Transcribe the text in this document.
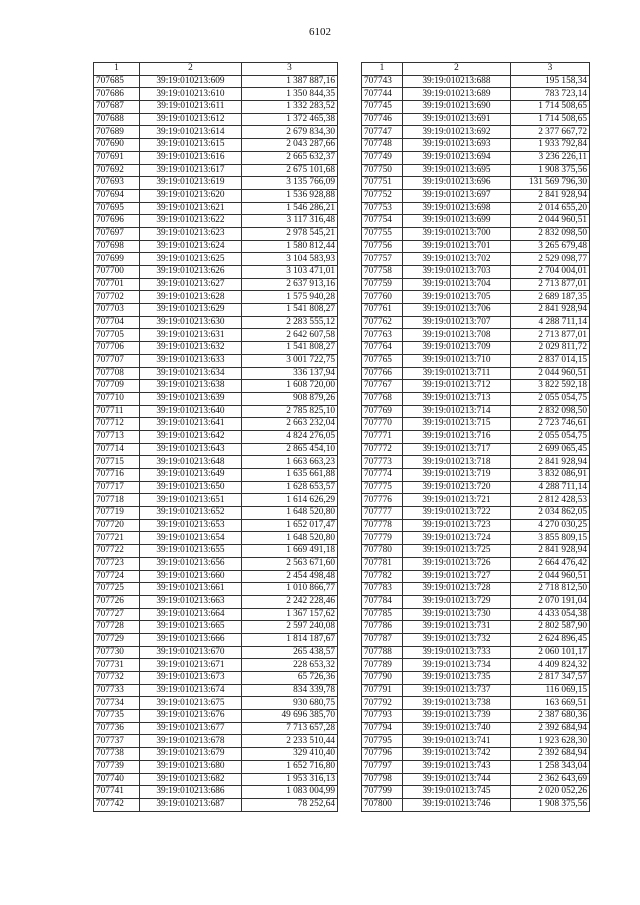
6102
1	2	3
707685	39:19:010213:609	1 387 887,16
707686	39:19:010213:610	1 350 844,35
707687	39:19:010213:611	1 332 283,52
707688	39:19:010213:612	1 372 465,38
707689	39:19:010213:614	2 679 834,30
707690	39:19:010213:615	2 043 287,66
707691	39:19:010213:616	2 665 632,37
707692	39:19:010213:617	2 675 101,68
707693	39:19:010213:619	3 135 766,09
707694	39:19:010213:620	1 536 928,88
707695	39:19:010213:621	1 546 286,21
707696	39:19:010213:622	3 117 316,48
707697	39:19:010213:623	2 978 545,21
707698	39:19:010213:624	1 580 812,44
707699	39:19:010213:625	3 104 583,93
707700	39:19:010213:626	3 103 471,01
707701	39:19:010213:627	2 637 913,16
707702	39:19:010213:628	1 575 940,28
707703	39:19:010213:629	1 541 808,27
707704	39:19:010213:630	2 283 555,12
707705	39:19:010213:631	2 642 607,58
707706	39:19:010213:632	1 541 808,27
707707	39:19:010213:633	3 001 722,75
707708	39:19:010213:634	336 137,94
707709	39:19:010213:638	1 608 720,00
707710	39:19:010213:639	908 879,26
707711	39:19:010213:640	2 785 825,10
707712	39:19:010213:641	2 663 232,04
707713	39:19:010213:642	4 824 276,05
707714	39:19:010213:643	2 865 454,10
707715	39:19:010213:648	1 663 663,23
707716	39:19:010213:649	1 635 661,88
707717	39:19:010213:650	1 628 653,57
707718	39:19:010213:651	1 614 626,29
707719	39:19:010213:652	1 648 520,80
707720	39:19:010213:653	1 652 017,47
707721	39:19:010213:654	1 648 520,80
707722	39:19:010213:655	1 669 491,18
707723	39:19:010213:656	2 563 671,60
707724	39:19:010213:660	2 454 498,48
707725	39:19:010213:661	1 010 866,77
707726	39:19:010213:663	2 242 228,46
707727	39:19:010213:664	1 367 157,62
707728	39:19:010213:665	2 597 240,08
707729	39:19:010213:666	1 814 187,67
707730	39:19:010213:670	265 438,57
707731	39:19:010213:671	228 653,32
707732	39:19:010213:673	65 726,36
707733	39:19:010213:674	834 339,78
707734	39:19:010213:675	930 680,75
707735	39:19:010213:676	49 696 385,70
707736	39:19:010213:677	7 713 657,28
707737	39:19:010213:678	2 233 510,44
707738	39:19:010213:679	329 410,40
707739	39:19:010213:680	1 652 716,80
707740	39:19:010213:682	1 953 316,13
707741	39:19:010213:686	1 083 004,99
707742	39:19:010213:687	78 252,64
1	2	3
707743	39:19:010213:688	195 158,34
707744	39:19:010213:689	783 723,14
707745	39:19:010213:690	1 714 508,65
707746	39:19:010213:691	1 714 508,65
707747	39:19:010213:692	2 377 667,72
707748	39:19:010213:693	1 933 792,84
707749	39:19:010213:694	3 236 226,11
707750	39:19:010213:695	1 908 375,56
707751	39:19:010213:696	131 569 796,30
707752	39:19:010213:697	2 841 928,94
707753	39:19:010213:698	2 014 655,20
707754	39:19:010213:699	2 044 960,51
707755	39:19:010213:700	2 832 098,50
707756	39:19:010213:701	3 265 679,48
707757	39:19:010213:702	2 529 098,77
707758	39:19:010213:703	2 704 004,01
707759	39:19:010213:704	2 713 877,01
707760	39:19:010213:705	2 689 187,35
707761	39:19:010213:706	2 841 928,94
707762	39:19:010213:707	4 288 711,14
707763	39:19:010213:708	2 713 877,01
707764	39:19:010213:709	2 029 811,72
707765	39:19:010213:710	2 837 014,15
707766	39:19:010213:711	2 044 960,51
707767	39:19:010213:712	3 822 592,18
707768	39:19:010213:713	2 055 054,75
707769	39:19:010213:714	2 832 098,50
707770	39:19:010213:715	2 723 746,61
707771	39:19:010213:716	2 055 054,75
707772	39:19:010213:717	2 699 065,45
707773	39:19:010213:718	2 841 928,94
707774	39:19:010213:719	3 832 086,91
707775	39:19:010213:720	4 288 711,14
707776	39:19:010213:721	2 812 428,53
707777	39:19:010213:722	2 034 862,05
707778	39:19:010213:723	4 270 030,25
707779	39:19:010213:724	3 855 809,15
707780	39:19:010213:725	2 841 928,94
707781	39:19:010213:726	2 664 476,42
707782	39:19:010213:727	2 044 960,51
707783	39:19:010213:728	2 718 812,50
707784	39:19:010213:729	2 070 191,04
707785	39:19:010213:730	4 433 054,38
707786	39:19:010213:731	2 802 587,90
707787	39:19:010213:732	2 624 896,45
707788	39:19:010213:733	2 060 101,17
707789	39:19:010213:734	4 409 824,32
707790	39:19:010213:735	2 817 347,57
707791	39:19:010213:737	116 069,15
707792	39:19:010213:738	163 669,51
707793	39:19:010213:739	2 387 680,36
707794	39:19:010213:740	2 392 684,94
707795	39:19:010213:741	1 923 628,30
707796	39:19:010213:742	2 392 684,94
707797	39:19:010213:743	1 258 343,04
707798	39:19:010213:744	2 362 643,69
707799	39:19:010213:745	2 020 052,26
707800	39:19:010213:746	1 908 375,56
